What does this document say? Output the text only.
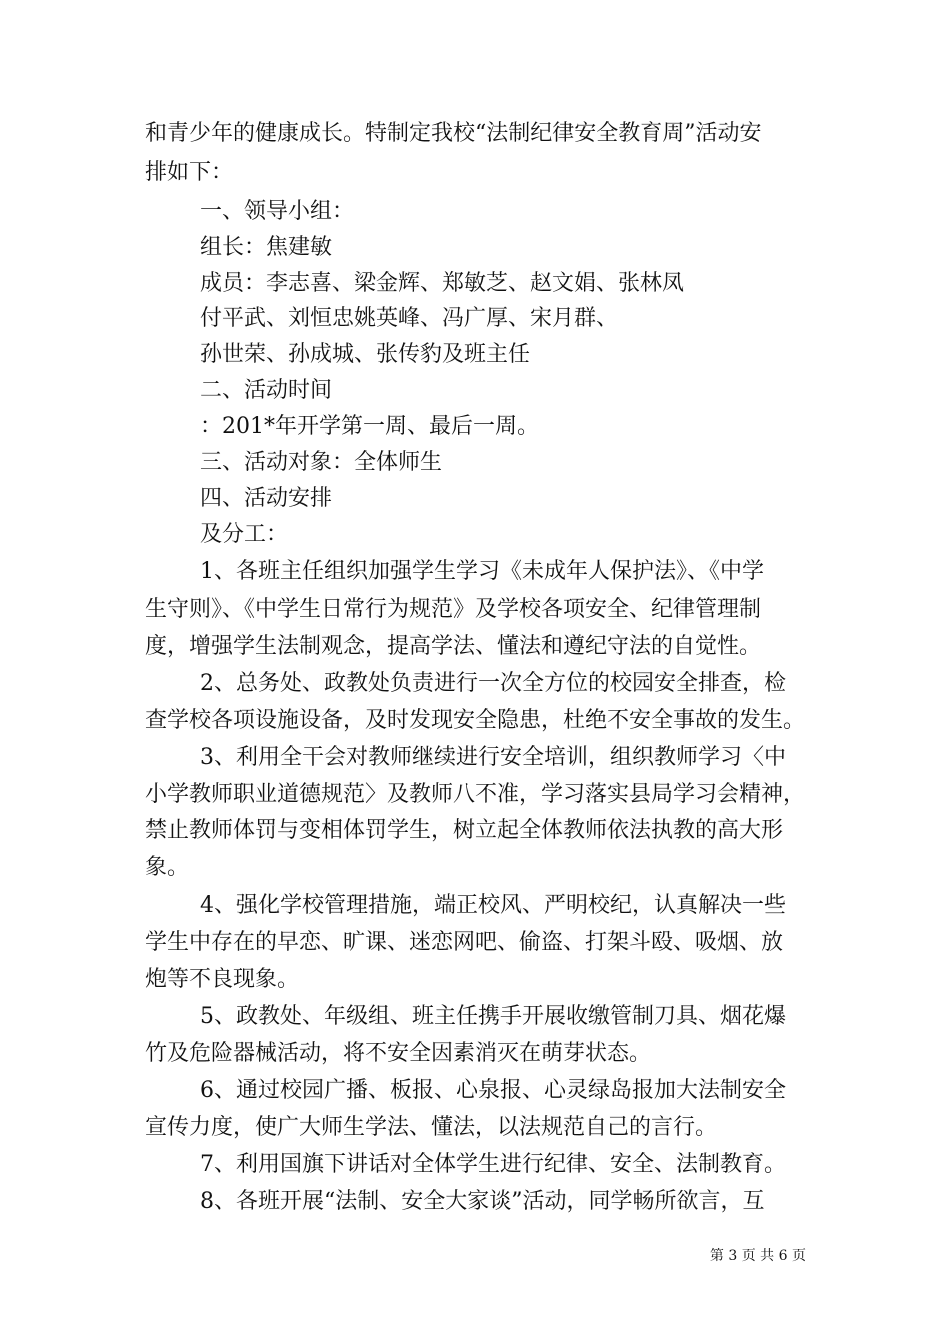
和青少年的健康成长。特制定我校“法制纪律安全教育周”活动安
排如下：
一、领导小组：
组长：焦建敏
成员：李志喜、梁金辉、郑敏芝、赵文娟、张林凤
付平武、刘恒忠姚英峰、冯广厚、宋月群、
孙世荣、孙成城、张传豹及班主任
二、活动时间
：201*年开学第一周、最后一周。
三、活动对象：全体师生
四、活动安排
及分工：
1、各班主任组织加强学生学习《未成年人保护法》、《中学
生守则》、《中学生日常行为规范》及学校各项安全、纪律管理制
度，增强学生法制观念，提高学法、懂法和遵纪守法的自觉性。
2、总务处、政教处负责进行一次全方位的校园安全排查，检
查学校各项设施设备，及时发现安全隐患，杜绝不安全事故的发生。
3、利用全干会对教师继续进行安全培训，组织教师学习〈中
小学教师职业道德规范〉及教师八不准，学习落实县局学习会精神，
禁止教师体罚与变相体罚学生，树立起全体教师依法执教的高大形
象。
4、强化学校管理措施，端正校风、严明校纪，认真解决一些
学生中存在的早恋、旷课、迷恋网吧、偷盗、打架斗殴、吸烟、放
炮等不良现象。
5、政教处、年级组、班主任携手开展收缴管制刀具、烟花爆
竹及危险器械活动，将不安全因素消灭在萌芽状态。
6、通过校园广播、板报、心泉报、心灵绿岛报加大法制安全
宣传力度，使广大师生学法、懂法，以法规范自己的言行。
7、利用国旗下讲话对全体学生进行纪律、安全、法制教育。
8、各班开展“法制、安全大家谈”活动，同学畅所欲言，互
第 3 页 共 6 页
